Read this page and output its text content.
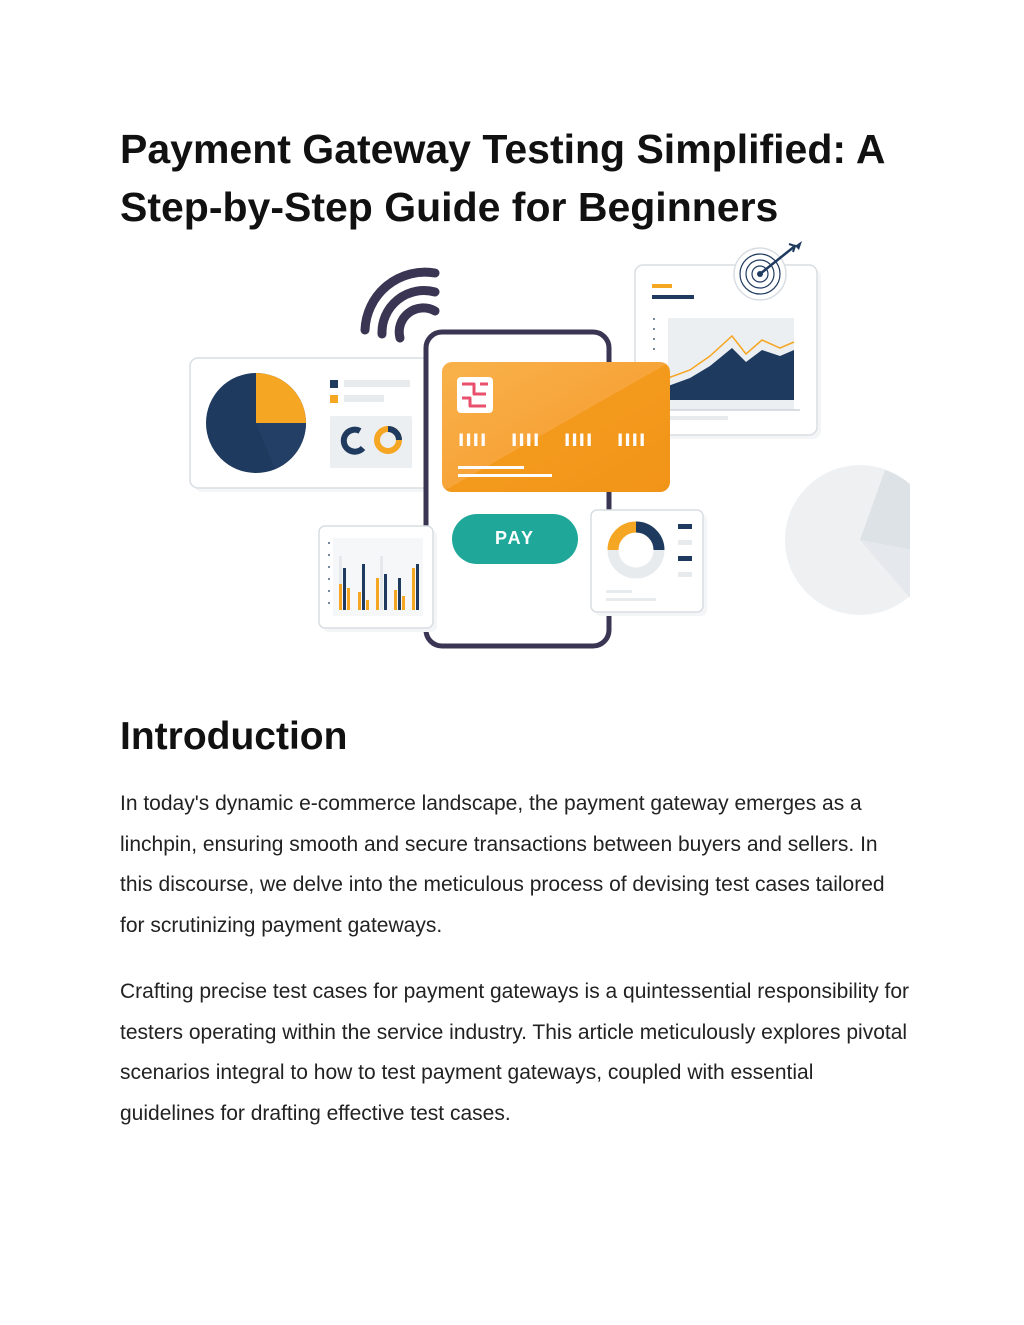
Payment Gateway Testing Simplified: A Step-by-Step Guide for Beginners
IIII IIII IIII IIII
PAY
Introduction

In today's dynamic e-commerce landscape, the payment gateway emerges as a linchpin, ensuring smooth and secure transactions between buyers and sellers. In this discourse, we delve into the meticulous process of devising test cases tailored for scrutinizing payment gateways.

Crafting precise test cases for payment gateways is a quintessential responsibility for testers operating within the service industry. This article meticulously explores pivotal scenarios integral to how to test payment gateways, coupled with essential guidelines for drafting effective test cases.
